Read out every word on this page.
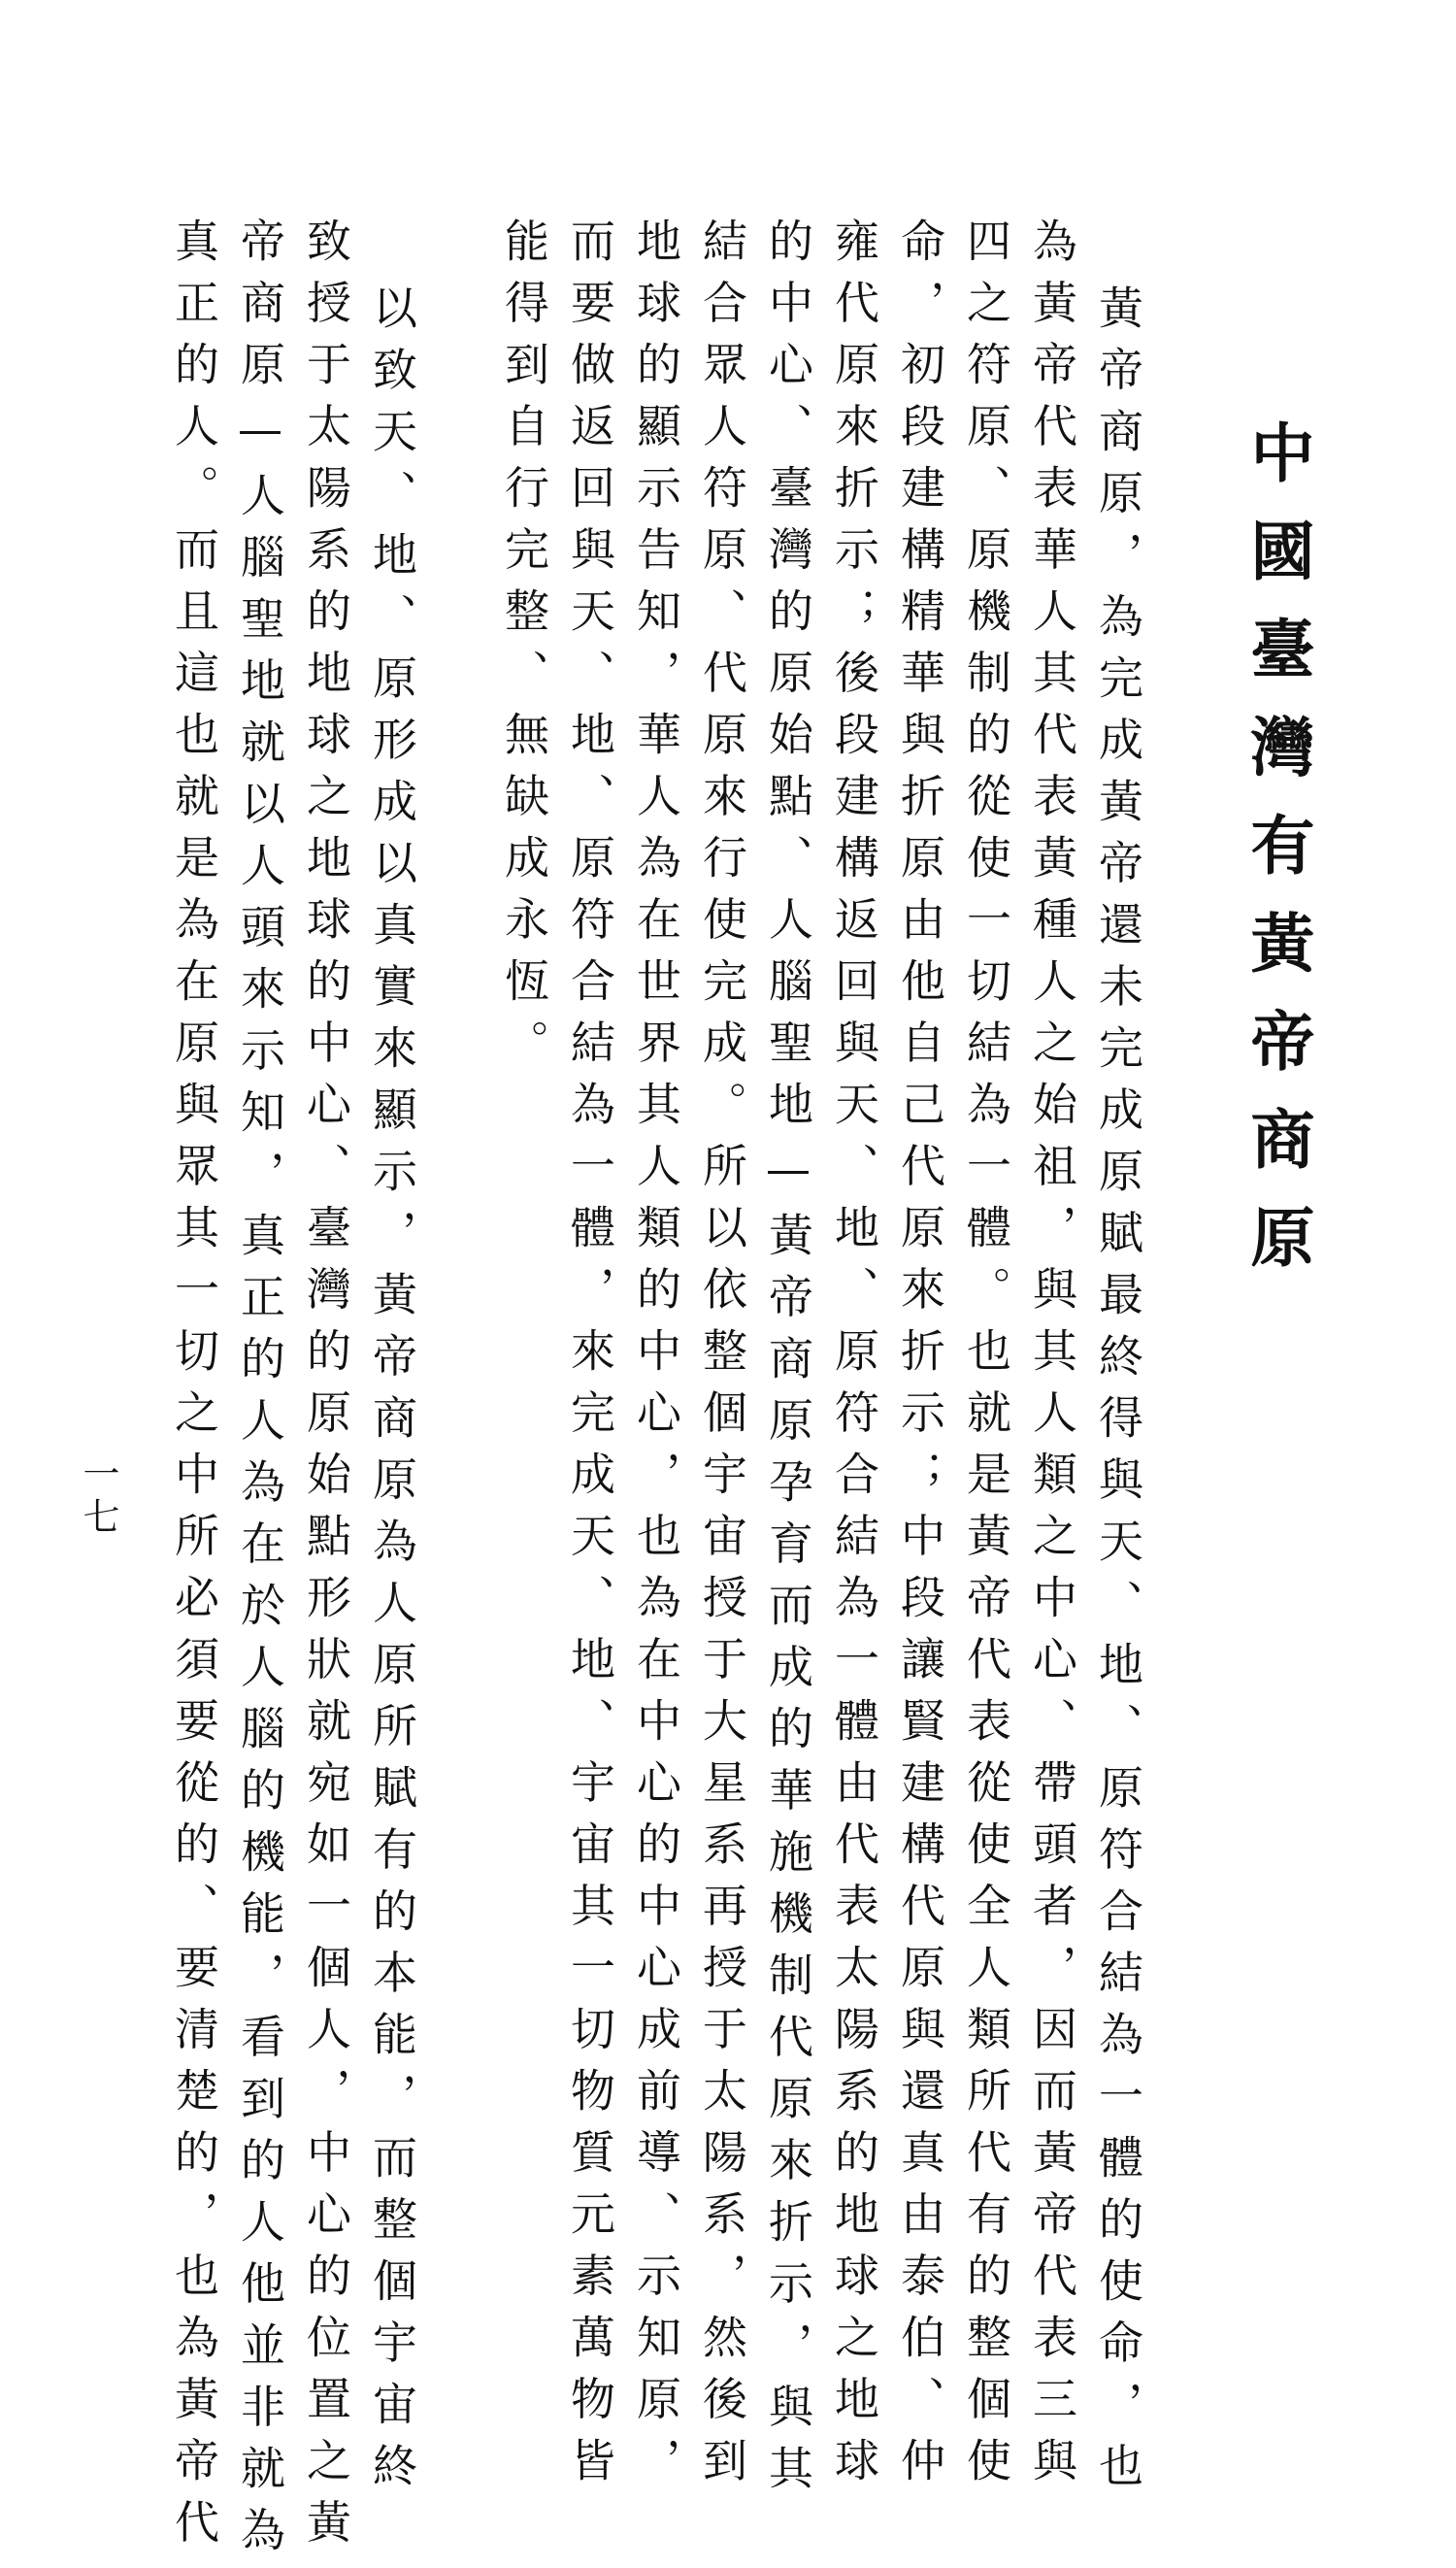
中國臺灣有黃帝商原
黃帝商原，為完成黃帝還未完成原賦最終得與天、地、原符合結為一體的使命，也
為黃帝代表華人其代表黃種人之始祖，與其人類之中心、帶頭者，因而黃帝代表三與
四之符原、原機制的從使一切結為一體。也就是黃帝代表從使全人類所代有的整個使
命，初段建構精華與折原由他自己代原來折示；中段讓賢建構代原與還真由泰伯、仲
雍代原來折示；後段建構返回與天、地、原符合結為一體由代表太陽系的地球之地球
的中心、臺灣的原始點、人腦聖地—黃帝商原孕育而成的華施機制代原來折示，與其
結合眾人符原、代原來行使完成。所以依整個宇宙授于大星系再授于太陽系，然後到
地球的顯示告知，華人為在世界其人類的中心，也為在中心的中心成前導、示知原，
而要做返回與天、地、原符合結為一體，來完成天、地、宇宙其一切物質元素萬物皆
能得到自行完整、無缺成永恆。
以致天、地、原形成以真實來顯示，黃帝商原為人原所賦有的本能，而整個宇宙終
致授于太陽系的地球之地球的中心、臺灣的原始點形狀就宛如一個人，中心的位置之黃
帝商原—人腦聖地就以人頭來示知，真正的人為在於人腦的機能，看到的人他並非就為
真正的人。而且這也就是為在原與眾其一切之中所必須要從的、要清楚的，也為黃帝代
一七
